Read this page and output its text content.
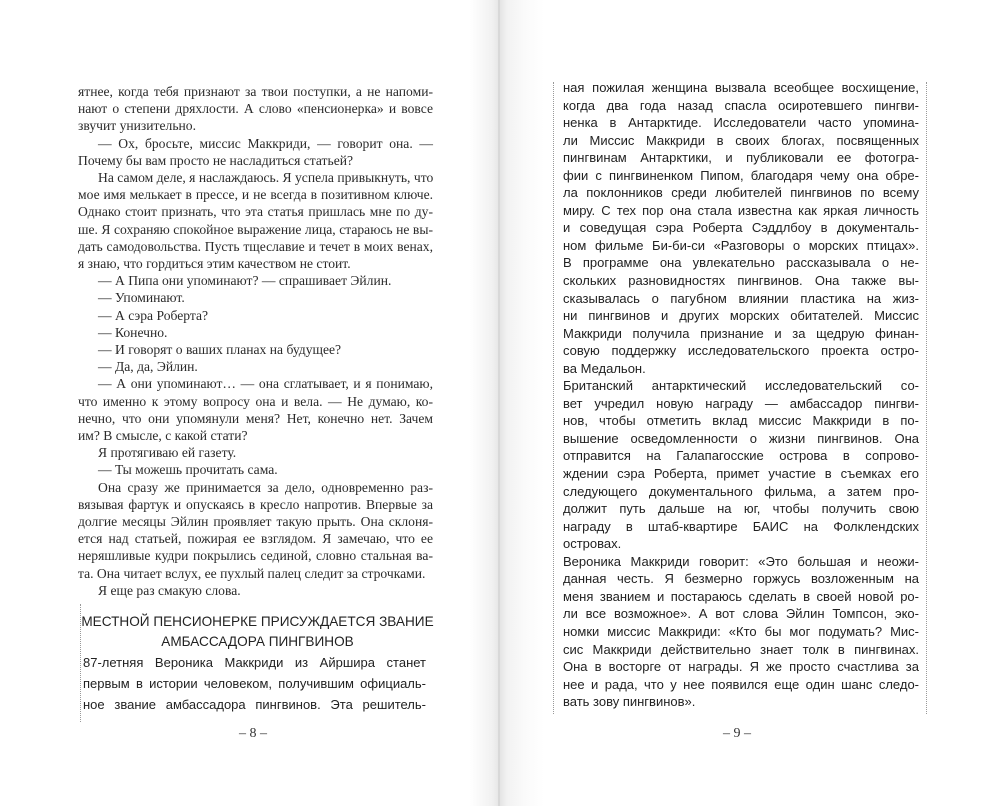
ятнее, когда тебя признают за твои поступки, а не напоми-
нают о степени дряхлости. А слово «пенсионерка» и вовсе
звучит унизительно.
— Ох, бросьте, миссис Маккриди, — говорит она. —
Почему бы вам просто не насладиться статьей?
На самом деле, я наслаждаюсь. Я успела привыкнуть, что
мое имя мелькает в прессе, и не всегда в позитивном ключе.
Однако стоит признать, что эта статья пришлась мне по ду-
ше. Я сохраняю спокойное выражение лица, стараюсь не вы-
дать самодовольства. Пусть тщеславие и течет в моих венах,
я знаю, что гордиться этим качеством не стоит.
— А Пипа они упоминают? — спрашивает Эйлин.
— Упоминают.
— А сэра Роберта?
— Конечно.
— И говорят о ваших планах на будущее?
— Да, да, Эйлин.
— А они упоминают… — она сглатывает, и я понимаю,
что именно к этому вопросу она и вела. — Не думаю, ко-
нечно, что они упомянули меня? Нет, конечно нет. Зачем
им? В смысле, с какой стати?
Я протягиваю ей газету.
— Ты можешь прочитать сама.
Она сразу же принимается за дело, одновременно раз-
вязывая фартук и опускаясь в кресло напротив. Впервые за
долгие месяцы Эйлин проявляет такую прыть. Она склоня-
ется над статьей, пожирая ее взглядом. Я замечаю, что ее
неряшливые кудри покрылись сединой, словно стальная ва-
та. Она читает вслух, ее пухлый палец следит за строчками.
Я еще раз смакую слова.
МЕСТНОЙ ПЕНСИОНЕРКЕ ПРИСУЖДАЕТСЯ ЗВАНИЕ
АМБАССАДОРА ПИНГВИНОВ
87-летняя Вероника Маккриди из Айршира станет
первым в истории человеком, получившим официаль-
ное звание амбассадора пингвинов. Эта решитель-
– 8 –
ная пожилая женщина вызвала всеобщее восхищение,
когда два года назад спасла осиротевшего пингви-
ненка в Антарктиде. Исследователи часто упомина-
ли Миссис Маккриди в своих блогах, посвященных
пингвинам Антарктики, и публиковали ее фотогра-
фии с пингвиненком Пипом, благодаря чему она обре-
ла поклонников среди любителей пингвинов по всему
миру. С тех пор она стала известна как яркая личность
и соведущая сэра Роберта Сэддлбоу в документаль-
ном фильме Би-би-си «Разговоры о морских птицах».
В программе она увлекательно рассказывала о не-
скольких разновидностях пингвинов. Она также вы-
сказывалась о пагубном влиянии пластика на жиз-
ни пингвинов и других морских обитателей. Миссис
Маккриди получила признание и за щедрую финан-
совую поддержку исследовательского проекта остро-
ва Медальон.
Британский антарктический исследовательский со-
вет учредил новую награду — амбассадор пингви-
нов, чтобы отметить вклад миссис Маккриди в по-
вышение осведомленности о жизни пингвинов. Она
отправится на Галапагосские острова в сопрово-
ждении сэра Роберта, примет участие в съемках его
следующего документального фильма, а затем про-
должит путь дальше на юг, чтобы получить свою
награду в штаб-квартире БАИС на Фолклендских
островах.
Вероника Маккриди говорит: «Это большая и неожи-
данная честь. Я безмерно горжусь возложенным на
меня званием и постараюсь сделать в своей новой ро-
ли все возможное». А вот слова Эйлин Томпсон, эко-
номки миссис Маккриди: «Кто бы мог подумать? Мис-
сис Маккриди действительно знает толк в пингвинах.
Она в восторге от награды. Я же просто счастлива за
нее и рада, что у нее появился еще один шанс следо-
вать зову пингвинов».
– 9 –
